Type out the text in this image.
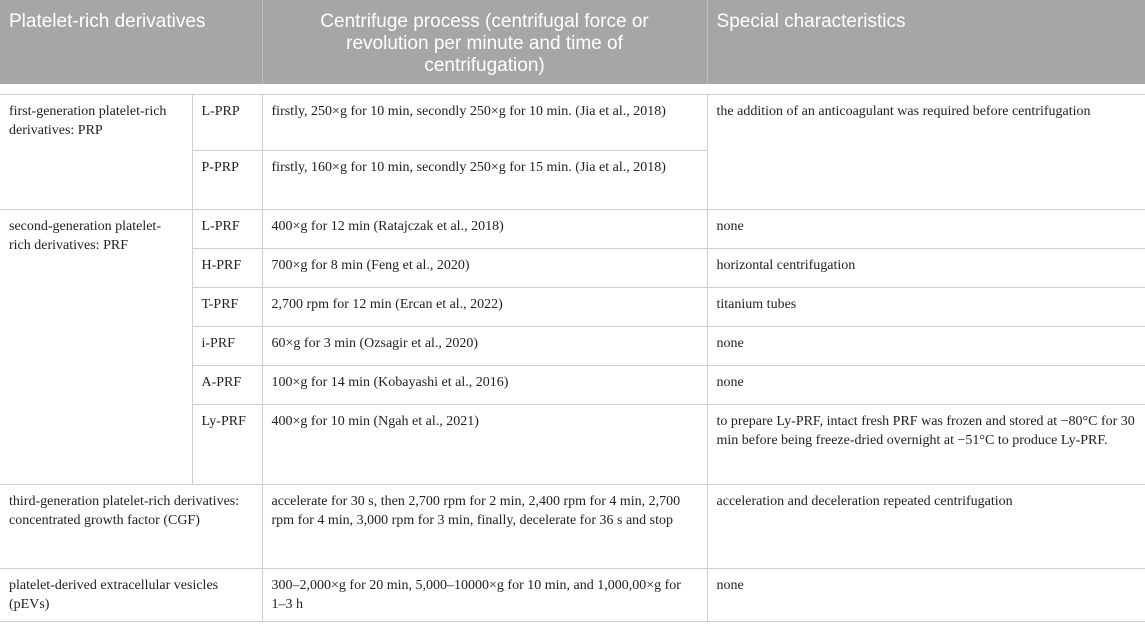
Platelet-rich derivatives		Centrifuge process (centrifugal force or revolution per minute and time of centrifugation)	Special characteristics

first-generation platelet-rich derivatives: PRP	L-PRP	firstly, 250×g for 10 min, secondly 250×g for 10 min. (Jia et al., 2018)	the addition of an anticoagulant was required before centrifugation
	P-PRP	firstly, 160×g for 10 min, secondly 250×g for 15 min. (Jia et al., 2018)	
second-generation platelet-rich derivatives: PRF	L-PRF	400×g for 12 min (Ratajczak et al., 2018)	none
	H-PRF	700×g for 8 min (Feng et al., 2020)	horizontal centrifugation
	T-PRF	2,700 rpm for 12 min (Ercan et al., 2022)	titanium tubes
	i-PRF	60×g for 3 min (Ozsagir et al., 2020)	none
	A-PRF	100×g for 14 min (Kobayashi et al., 2016)	none
	Ly-PRF	400×g for 10 min (Ngah et al., 2021)	to prepare Ly-PRF, intact fresh PRF was frozen and stored at −80°C for 30 min before being freeze-dried overnight at −51°C to produce Ly-PRF.
third-generation platelet-rich derivatives: concentrated growth factor (CGF)		accelerate for 30 s, then 2,700 rpm for 2 min, 2,400 rpm for 4 min, 2,700 rpm for 4 min, 3,000 rpm for 3 min, finally, decelerate for 36 s and stop	acceleration and deceleration repeated centrifugation
platelet-derived extracellular vesicles (pEVs)		300–2,000×g for 20 min, 5,000–10000×g for 10 min, and 1,000,00×g for 1–3 h	none
